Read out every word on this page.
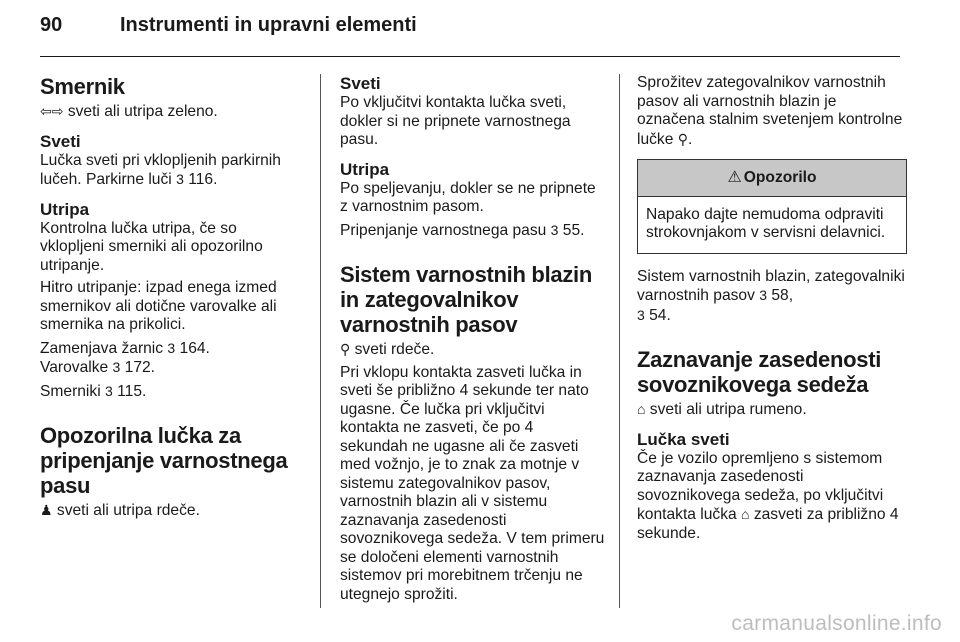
90	Instrumenti in upravni elementi
Smernik

⇦⇨ sveti ali utripa zeleno.

Sveti

Lučka sveti pri vklopljenih parkirnih lučeh. Parkirne luči 3 116.

Utripa

Kontrolna lučka utripa, če so vklopljeni smerniki ali opozorilno utripanje.

Hitro utripanje: izpad enega izmed smernikov ali dotične varovalke ali smernika na prikolici.

Zamenjava žarnic 3 164.
Varovalke 3 172.

Smerniki 3 115.

Opozorilna lučka za pripenjanje varnostnega pasu

♟ sveti ali utripa rdeče.

Sveti

Po vključitvi kontakta lučka sveti, dokler si ne pripnete varnostnega pasu.

Utripa

Po speljevanju, dokler se ne pripnete z varnostnim pasom.

Pripenjanje varnostnega pasu 3 55.

Sistem varnostnih blazin in zategovalnikov varnostnih pasov

⚲ sveti rdeče.

Pri vklopu kontakta zasveti lučka in sveti še približno 4 sekunde ter nato ugasne. Če lučka pri vključitvi kontakta ne zasveti, če po 4 sekundah ne ugasne ali če zasveti med vožnjo, je to znak za motnje v sistemu zategovalnikov pasov, varnostnih blazin ali v sistemu zaznavanja zasedenosti sovoznikovega sedeža. V tem primeru se določeni elementi varnostnih sistemov pri morebitnem trčenju ne utegnejo sprožiti.

Sprožitev zategovalnikov varnostnih pasov ali varnostnih blazin je označena stalnim svetenjem kontrolne lučke ⚲.

⚠ Opozorilo
Napako dajte nemudoma odpraviti strokovnjakom v servisni delavnici.

Sistem varnostnih blazin, zategovalniki varnostnih pasov 3 58,
3 54.

Zaznavanje zasedenosti sovoznikovega sedeža

⌂ sveti ali utripa rumeno.

Lučka sveti

Če je vozilo opremljeno s sistemom zaznavanja zasedenosti sovoznikovega sedeža, po vključitvi kontakta lučka ⌂ zasveti za približno 4 sekunde.

carmanualsonline.info
